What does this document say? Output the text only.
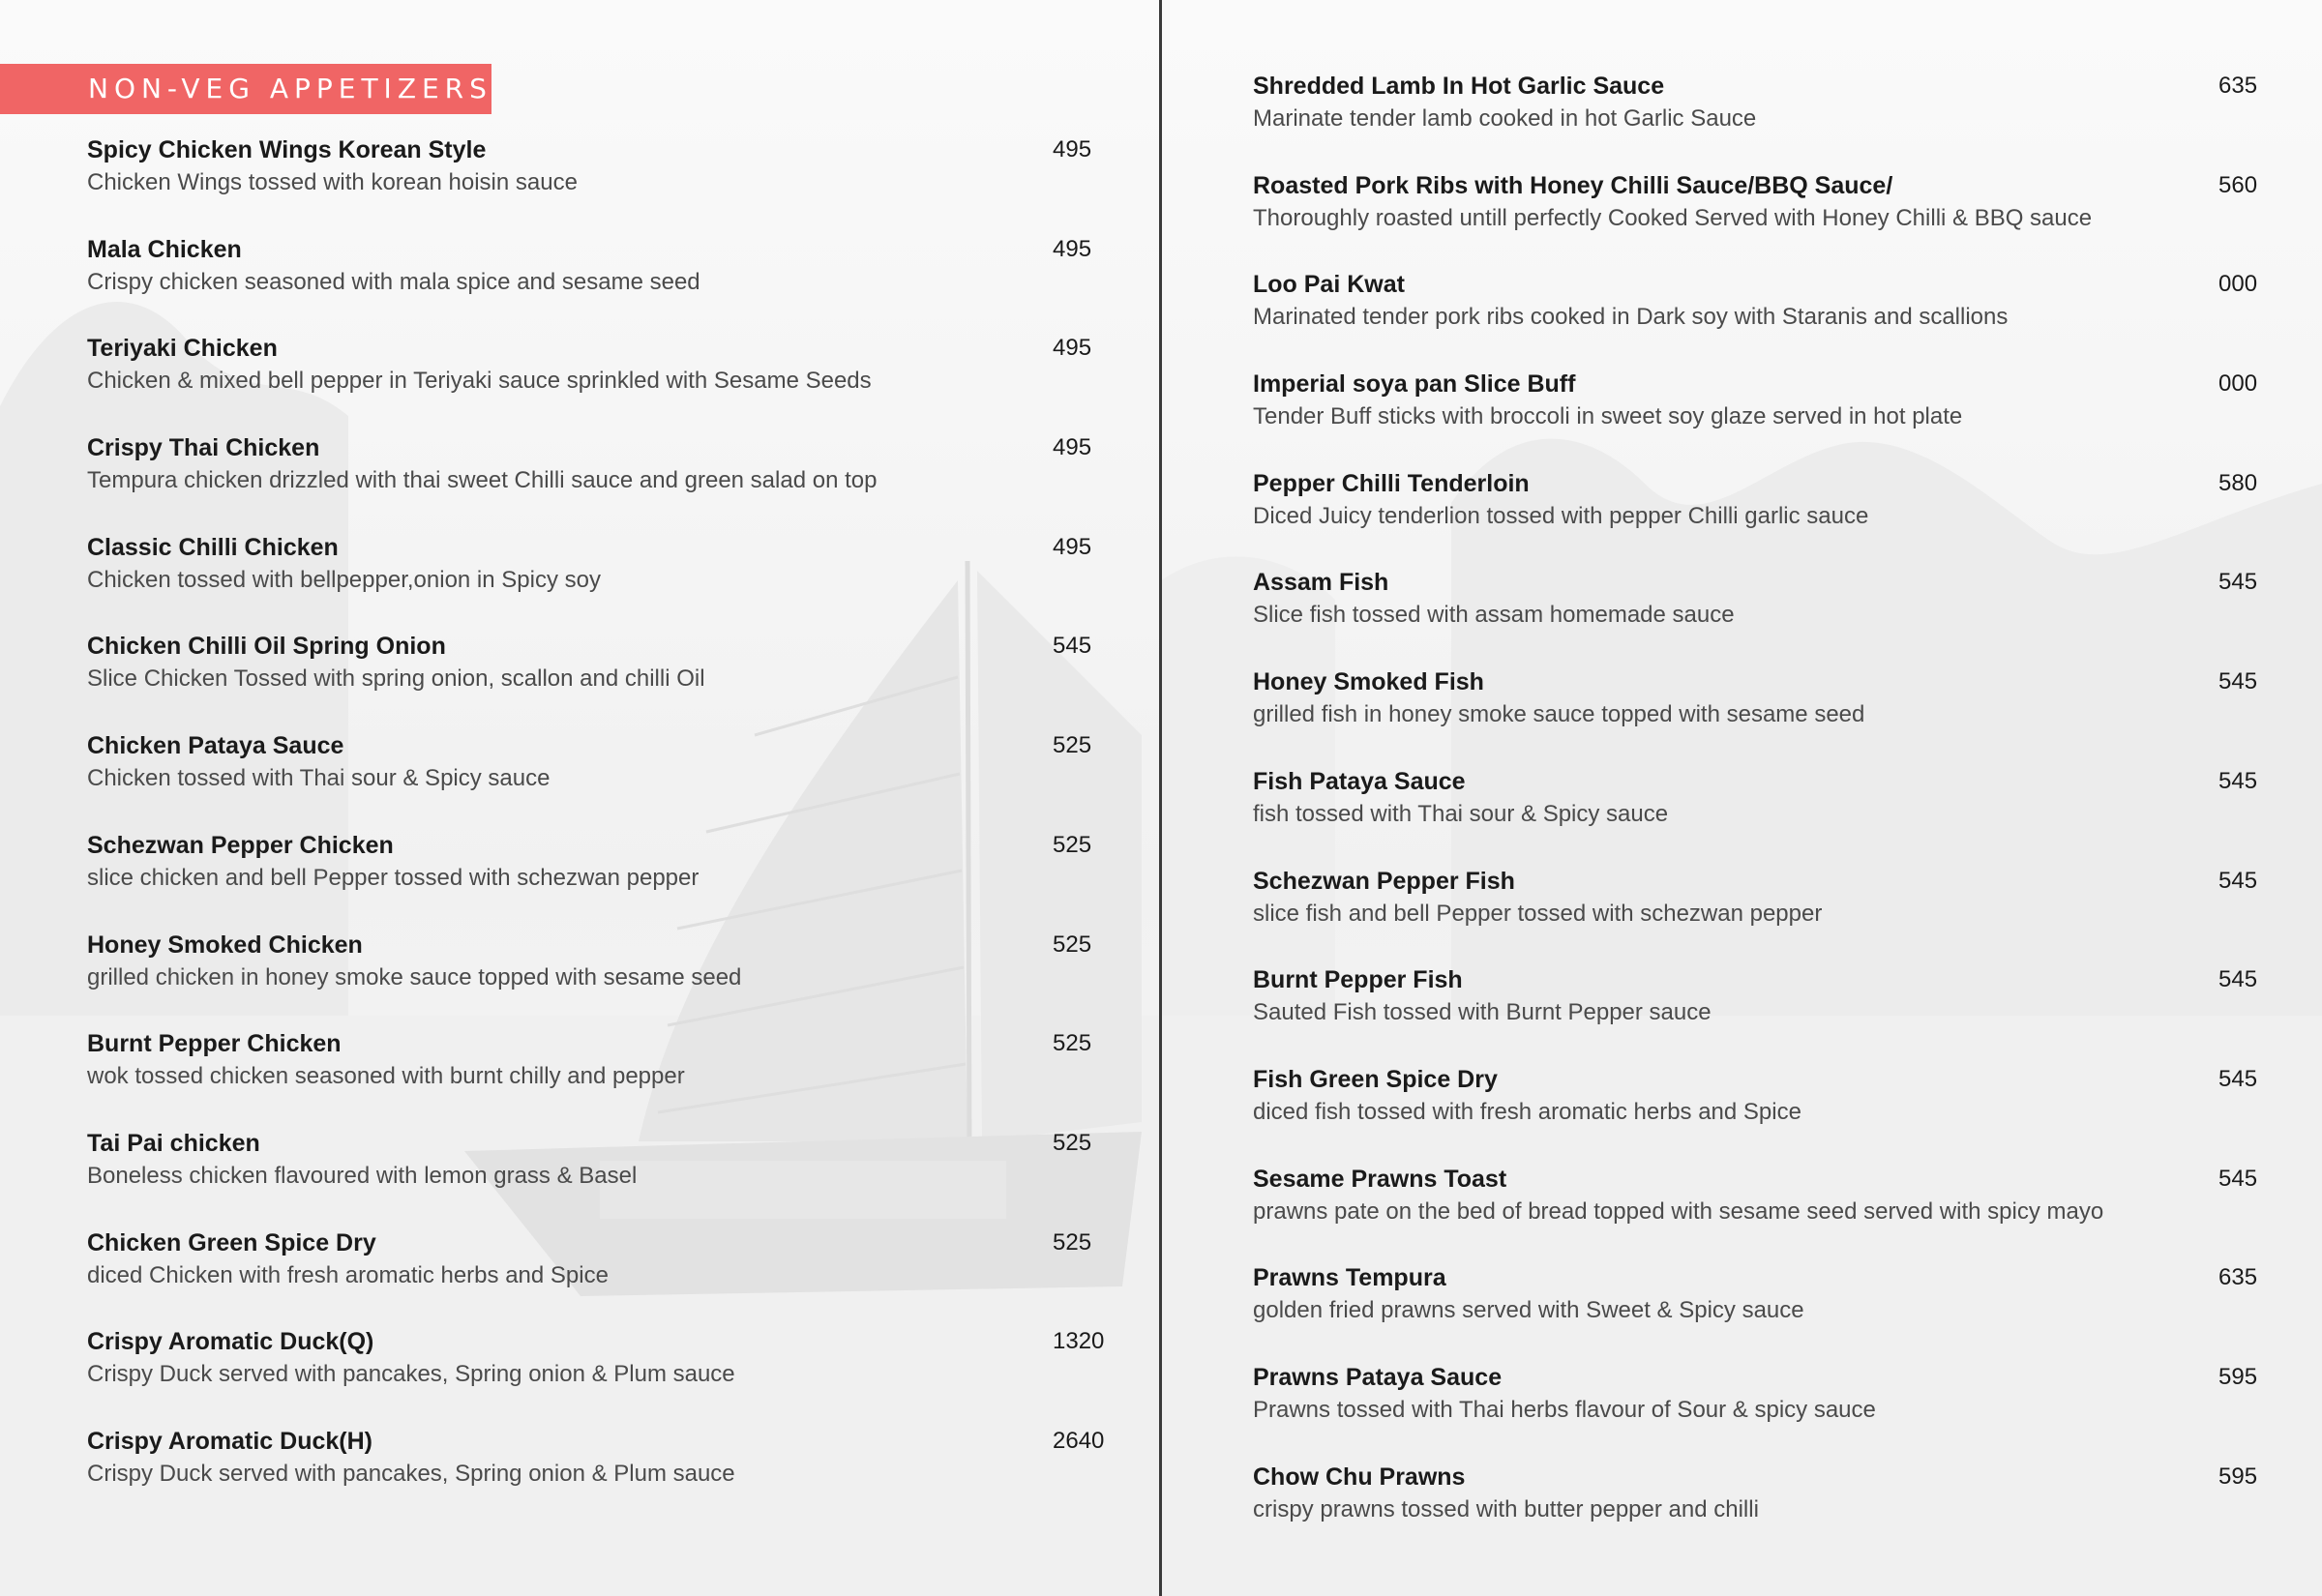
NON-VEG APPETIZERS
Spicy Chicken Wings Korean Style	495
Chicken Wings tossed with korean hoisin sauce
Mala Chicken	495
Crispy chicken seasoned with mala spice and sesame seed
Teriyaki Chicken	495
Chicken & mixed bell pepper in Teriyaki sauce sprinkled with Sesame Seeds
Crispy Thai Chicken	495
Tempura chicken drizzled with thai sweet Chilli sauce and green salad on top
Classic Chilli Chicken	495
Chicken tossed with bellpepper,onion in Spicy soy
Chicken Chilli Oil Spring Onion	545
Slice Chicken Tossed with spring onion, scallon and chilli Oil
Chicken Pataya Sauce	525
Chicken tossed with Thai sour & Spicy sauce
Schezwan Pepper Chicken	525
slice chicken and bell Pepper tossed with schezwan pepper
Honey Smoked Chicken	525
grilled chicken in honey smoke sauce topped with sesame seed
Burnt Pepper Chicken	525
wok tossed chicken seasoned with burnt chilly and pepper
Tai Pai chicken	525
Boneless chicken flavoured with lemon grass & Basel
Chicken Green Spice Dry	525
diced Chicken with fresh aromatic herbs and Spice
Crispy Aromatic Duck(Q)	1320
Crispy Duck served with pancakes, Spring onion & Plum sauce
Crispy Aromatic Duck(H)	2640
Crispy Duck served with pancakes, Spring onion & Plum sauce
Shredded Lamb In Hot Garlic Sauce	635
Marinate tender lamb cooked in hot Garlic Sauce
Roasted Pork Ribs with Honey Chilli Sauce/BBQ Sauce/	560
Thoroughly roasted untill perfectly Cooked Served with Honey Chilli & BBQ sauce
Loo Pai Kwat	000
Marinated tender pork ribs cooked in Dark soy with Staranis and scallions
Imperial soya pan Slice Buff	000
Tender Buff sticks with broccoli in sweet soy glaze served in hot plate
Pepper Chilli Tenderloin	580
Diced Juicy tenderlion tossed with pepper Chilli garlic sauce
Assam Fish	545
Slice fish tossed with assam homemade sauce
Honey Smoked Fish	545
grilled fish in honey smoke sauce topped with sesame seed
Fish Pataya Sauce	545
fish tossed with Thai sour & Spicy sauce
Schezwan Pepper Fish	545
slice fish and bell Pepper tossed with schezwan pepper
Burnt Pepper Fish	545
Sauted Fish tossed with Burnt Pepper sauce
Fish Green Spice Dry	545
diced fish tossed with fresh aromatic herbs and Spice
Sesame Prawns Toast	545
prawns pate on the bed of bread topped with sesame seed served with spicy mayo
Prawns Tempura	635
golden fried prawns served with Sweet & Spicy sauce
Prawns Pataya Sauce	595
Prawns tossed with Thai herbs flavour of Sour & spicy sauce
Chow Chu Prawns	595
crispy prawns tossed with butter pepper and chilli
